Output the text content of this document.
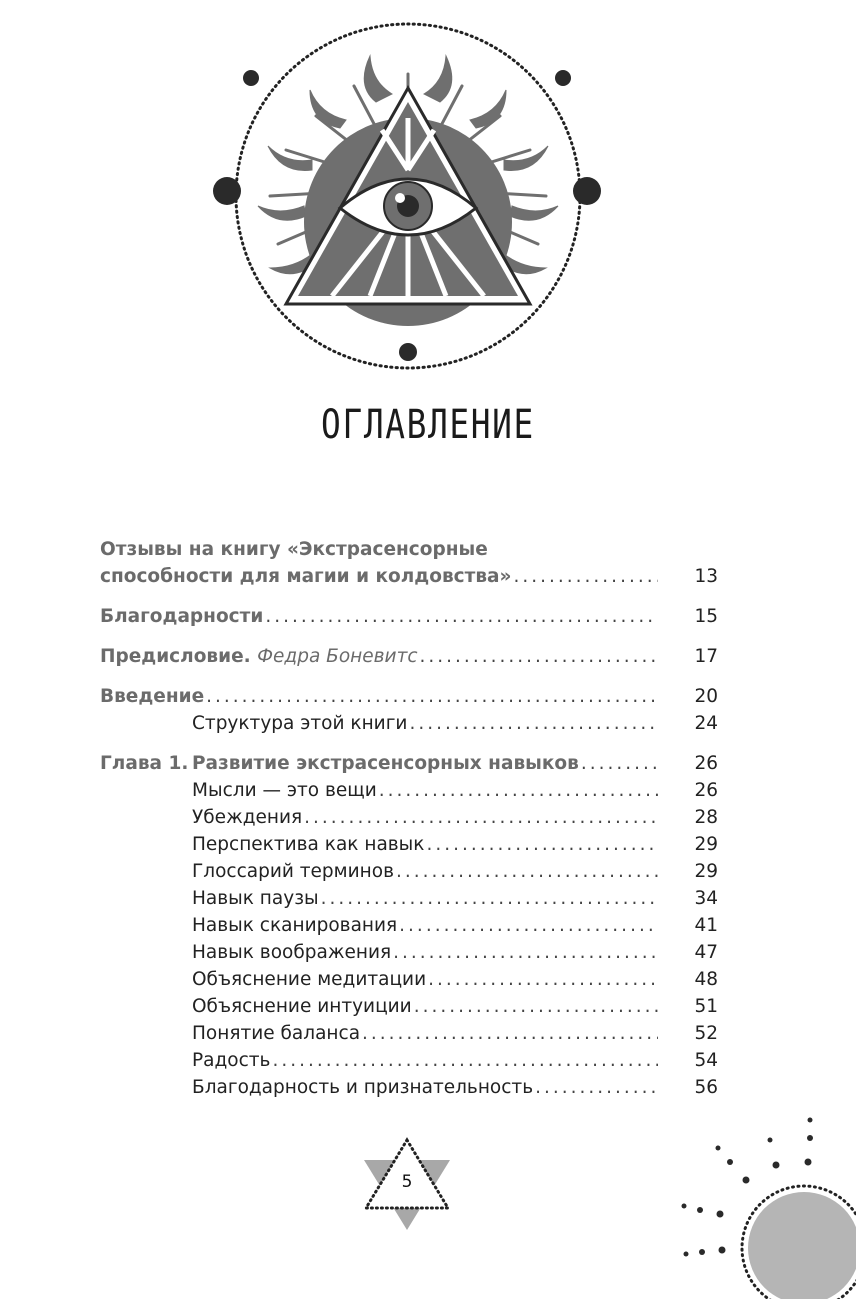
ОГЛАВЛЕНИЕ
Отзывы на книгу «Экстрасенсорные
способности для магии и колдовства» .....	13
Благодарности .....	15
Предисловие. Федра Боневитс .....	17
Введение .....	20
Структура этой книги .....	24
Глава 1. Развитие экстрасенсорных навыков .....	26
Мысли — это вещи .....	26
Убеждения .....	28
Перспектива как навык .....	29
Глоссарий терминов .....	29
Навык паузы .....	34
Навык сканирования .....	41
Навык воображения .....	47
Объяснение медитации .....	48
Объяснение интуиции .....	51
Понятие баланса .....	52
Радость .....	54
Благодарность и признательность .....	56
5
